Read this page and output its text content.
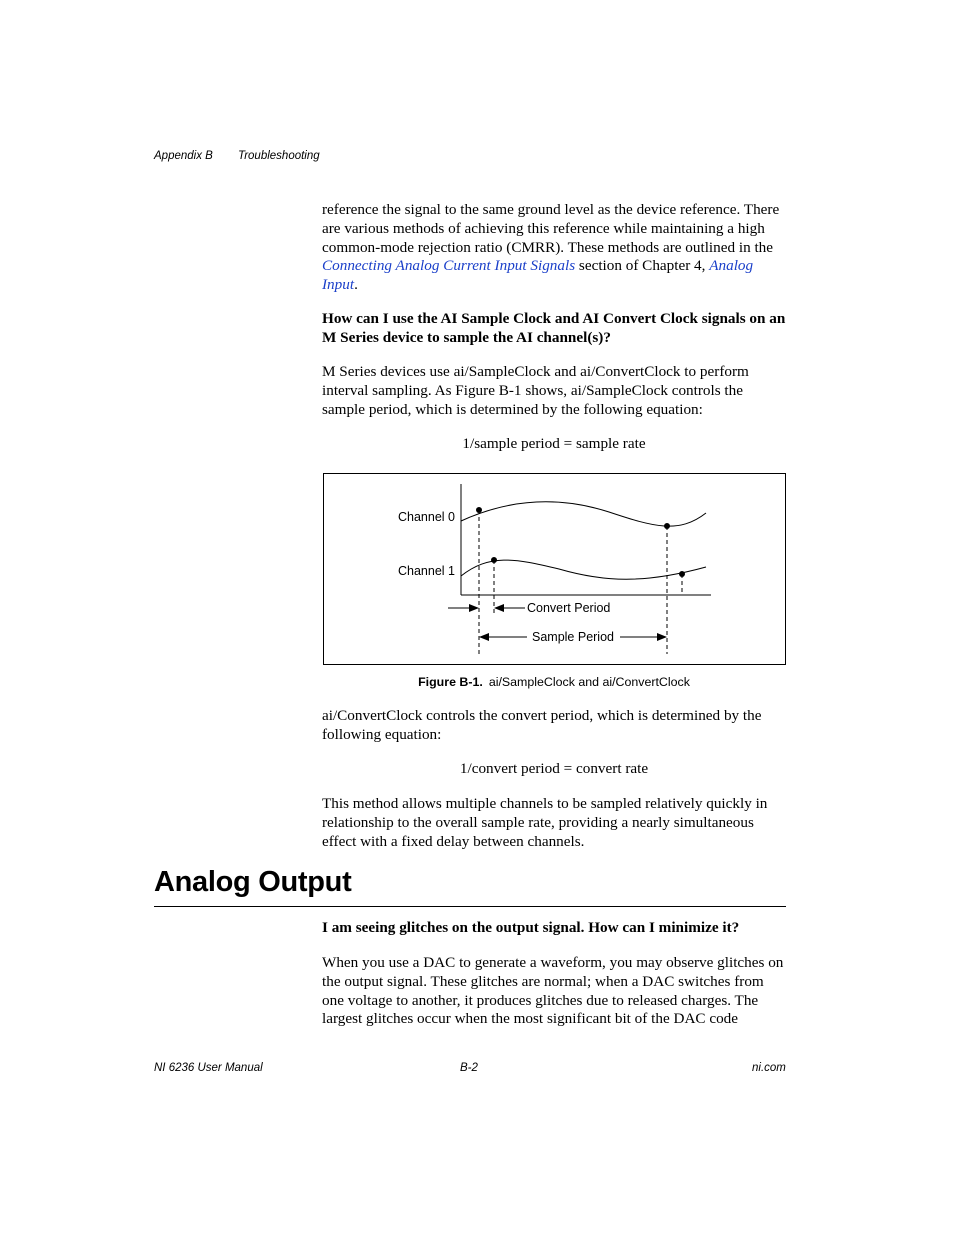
Appendix B Troubleshooting

reference the signal to the same ground level as the device reference. There are various methods of achieving this reference while maintaining a high common-mode rejection ratio (CMRR). These methods are outlined in the Connecting Analog Current Input Signals section of Chapter 4, Analog Input.

How can I use the AI Sample Clock and AI Convert Clock signals on an M Series device to sample the AI channel(s)?
M Series devices use ai/SampleClock and ai/ConvertClock to perform interval sampling. As Figure B-1 shows, ai/SampleClock controls the sample period, which is determined by the following equation:
1/sample period = sample rate
Channel 0
Channel 1
Convert Period
Sample Period
Figure B-1. ai/SampleClock and ai/ConvertClock
ai/ConvertClock controls the convert period, which is determined by the following equation:
1/convert period = convert rate
This method allows multiple channels to be sampled relatively quickly in relationship to the overall sample rate, providing a nearly simultaneous effect with a fixed delay between channels.
Analog Output
I am seeing glitches on the output signal. How can I minimize it?
When you use a DAC to generate a waveform, you may observe glitches on the output signal. These glitches are normal; when a DAC switches from one voltage to another, it produces glitches due to released charges. The largest glitches occur when the most significant bit of the DAC code
NI 6236 User Manual	B-2	ni.com
